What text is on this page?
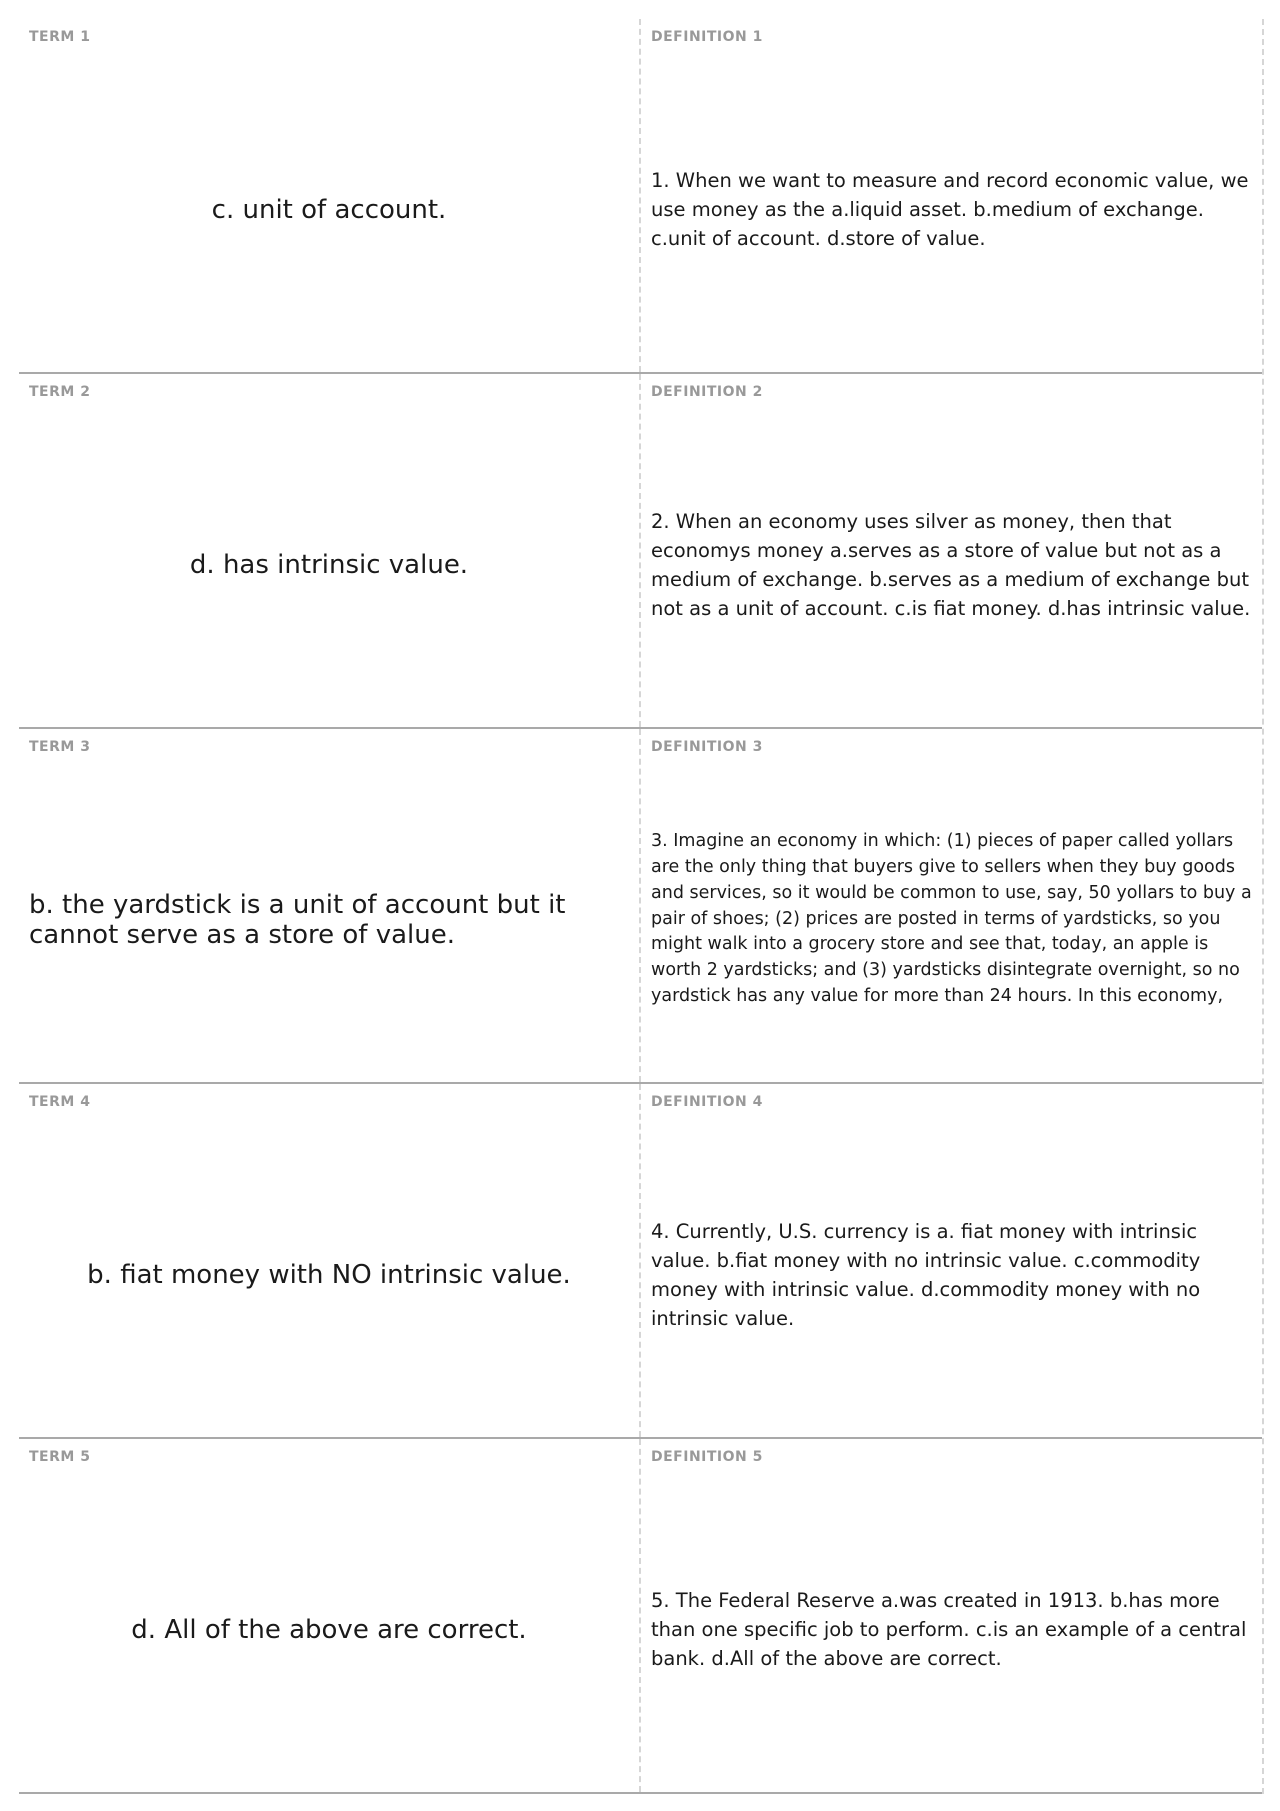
TERM 1
c. unit of account.
DEFINITION 1
1. When we want to measure and record economic value, we use money as the a.liquid asset. b.medium of exchange. c.unit of account. d.store of value.
TERM 2
d. has intrinsic value.
DEFINITION 2
2. When an economy uses silver as money, then that economys money a.serves as a store of value but not as a medium of exchange. b.serves as a medium of exchange but not as a unit of account. c.is fiat money. d.has intrinsic value.
TERM 3
b. the yardstick is a unit of account but it cannot serve as a store of value.
DEFINITION 3
3. Imagine an economy in which: (1) pieces of paper called yollars are the only thing that buyers give to sellers when they buy goods and services, so it would be common to use, say, 50 yollars to buy a pair of shoes; (2) prices are posted in terms of yardsticks, so you might walk into a grocery store and see that, today, an apple is worth 2 yardsticks; and (3) yardsticks disintegrate overnight, so no yardstick has any value for more than 24 hours. In this economy,
TERM 4
b. fiat money with NO intrinsic value.
DEFINITION 4
4. Currently, U.S. currency is a. fiat money with intrinsic value. b.fiat money with no intrinsic value. c.commodity money with intrinsic value. d.commodity money with no intrinsic value.
TERM 5
d. All of the above are correct.
DEFINITION 5
5. The Federal Reserve a.was created in 1913. b.has more than one specific job to perform. c.is an example of a central bank. d.All of the above are correct.
